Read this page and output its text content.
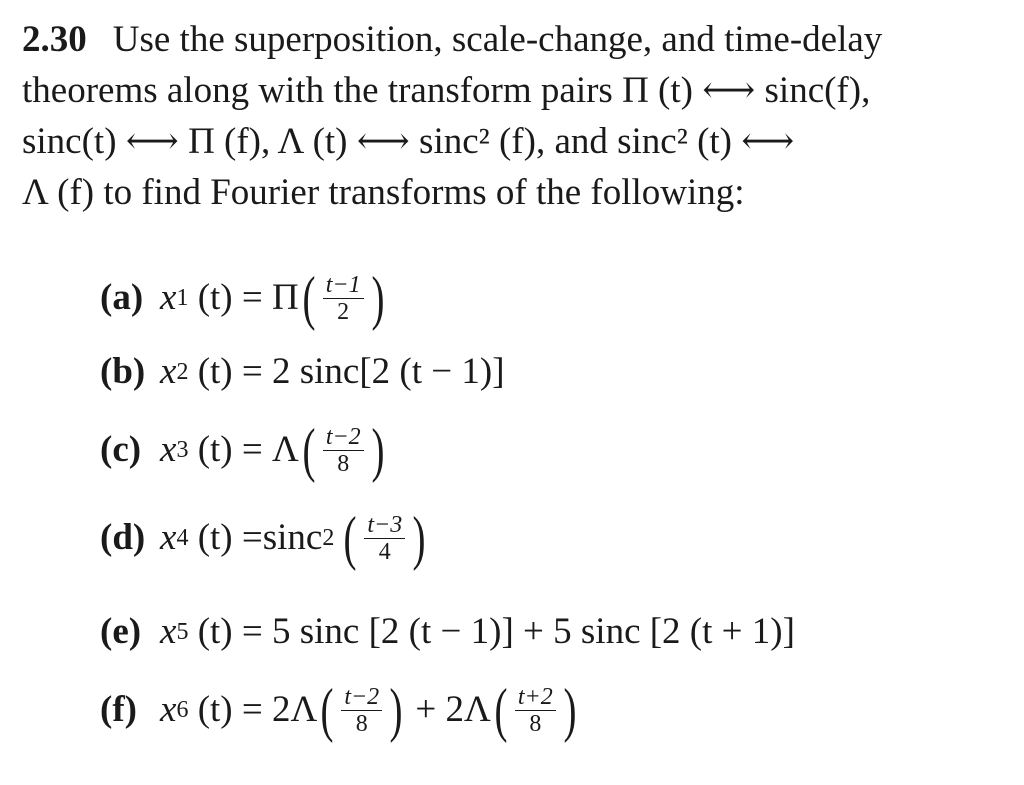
2.30 Use the superposition, scale-change, and time-delay

theorems along with the transform pairs Π (t) ⟷ sinc(f),

sinc(t) ⟷ Π (f), Λ (t) ⟷ sinc² (f), and sinc² (t) ⟷

Λ (f) to find Fourier transforms of the following:

(a) x 1 (t) = Π ( $\frac{t-1}{2}$ )
(b) x 2 (t) = 2 sinc[2 (t − 1)]
(c) x 3 (t) = Λ ( $\frac{t-2}{8}$ )
(d) x 4 (t) = sinc 2 ( $\frac{t-3}{4}$ )
(e) x 5 (t) = 5 sinc [2 (t − 1)] + 5 sinc [2 (t + 1)]
(f) x 6 (t) = 2Λ ( $\frac{t-2}{8}$ ) + 2Λ ( $\frac{t+2}{8}$ )
